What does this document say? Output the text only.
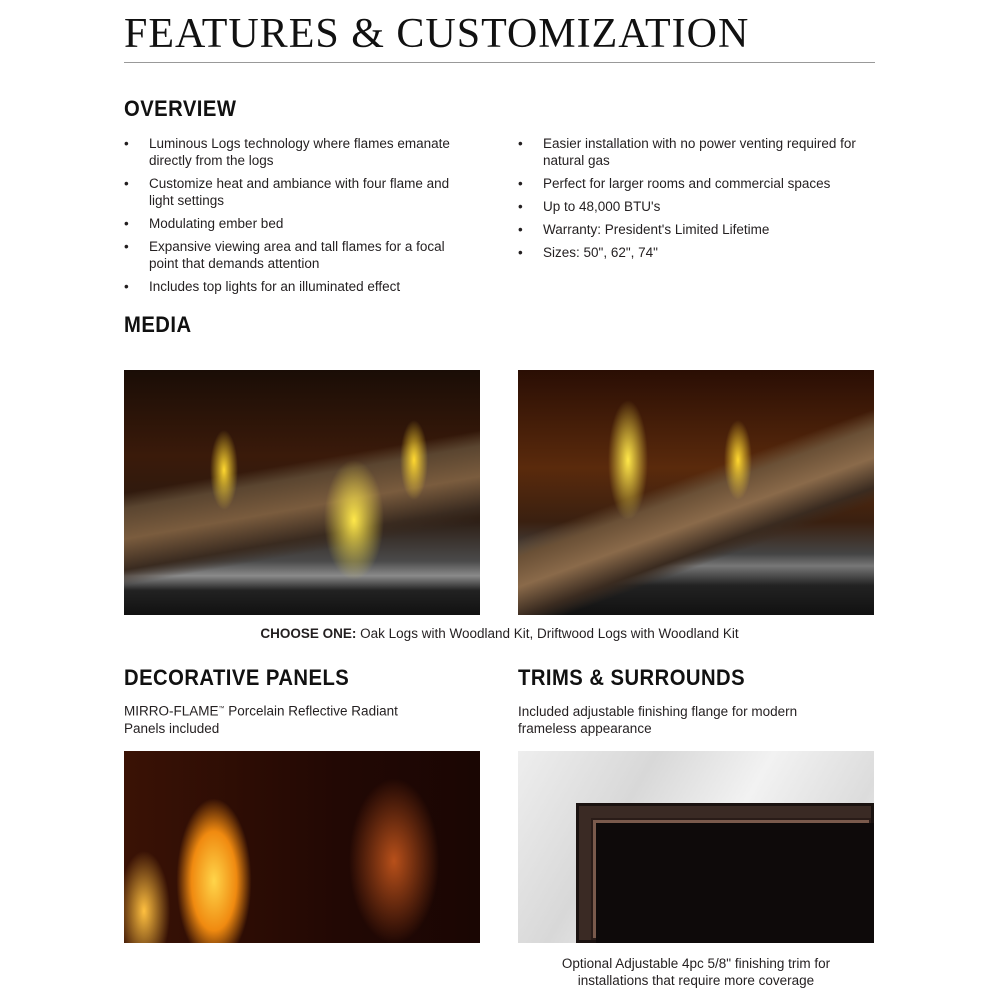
FEATURES & CUSTOMIZATION
OVERVIEW
• Luminous Logs technology where flames emanate directly from the logs
• Customize heat and ambiance with four flame and light settings
• Modulating ember bed
• Expansive viewing area and tall flames for a focal point that demands attention
• Includes top lights for an illuminated effect
• Easier installation with no power venting required for natural gas
• Perfect for larger rooms and commercial spaces
• Up to 48,000 BTU's
• Warranty: President's Limited Lifetime
• Sizes: 50", 62", 74"
MEDIA
CHOOSE ONE: Oak Logs with Woodland Kit, Driftwood Logs with Woodland Kit
DECORATIVE PANELS
MIRRO-FLAME™ Porcelain Reflective Radiant Panels included
TRIMS & SURROUNDS
Included adjustable finishing flange for modern frameless appearance
Optional Adjustable 4pc 5/8" finishing trim for installations that require more coverage
